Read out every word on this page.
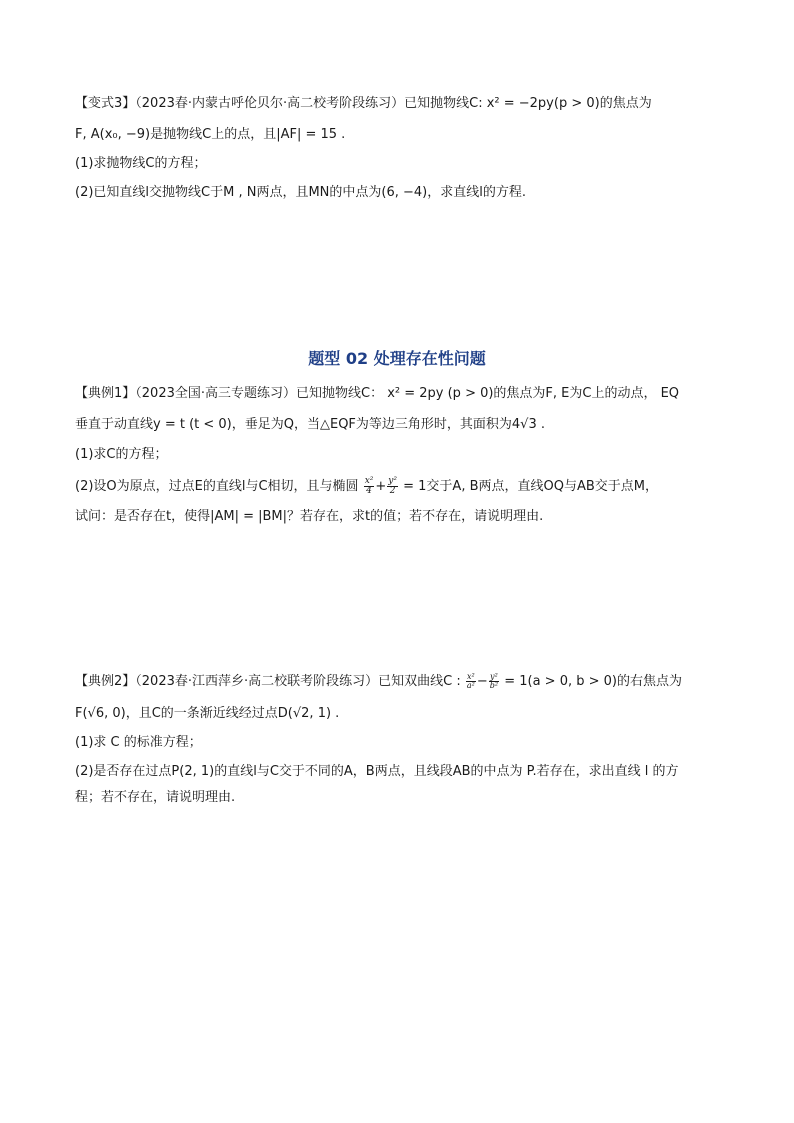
【变式3】（2023春·内蒙古呼伦贝尔·高二校考阶段练习）已知抛物线C: x² = −2py(p > 0)的焦点为
F, A(x₀, −9)是抛物线C上的点，且|AF| = 15 .
(1)求抛物线C的方程；
(2)已知直线l交抛物线C于M , N两点，且MN的中点为(6, −4)，求直线l的方程.
题型 02 处理存在性问题
【典例1】（2023全国·高三专题练习）已知抛物线C： x² = 2py (p > 0)的焦点为F, E为C上的动点， EQ
垂直于动直线y = t (t < 0)，垂足为Q，当△EQF为等边三角形时，其面积为4√3 .
(1)求C的方程；
(2)设O为原点，过点E的直线l与C相切，且与椭圆 $\frac{\text{x²}}{4} + \frac{\text{y²}}{2} = 1$交于A, B两点，直线OQ与AB交于点M，
试问：是否存在t，使得|AM| = |BM|？若存在，求t的值；若不存在，请说明理由.
【典例2】（2023春·江西萍乡·高二校联考阶段练习）已知双曲线C : $\frac{\text{x²}}{\text{a²}} - \frac{\text{y²}}{\text{b²}} = 1(a > 0$, b > 0)的右焦点为
F(√6, 0)，且C的一条渐近线经过点D(√2, 1) .
(1)求 C 的标准方程；
(2)是否存在过点P(2, 1)的直线l与C交于不同的A，B两点，且线段AB的中点为 P.若存在，求出直线 l 的方
程；若不存在，请说明理由.
